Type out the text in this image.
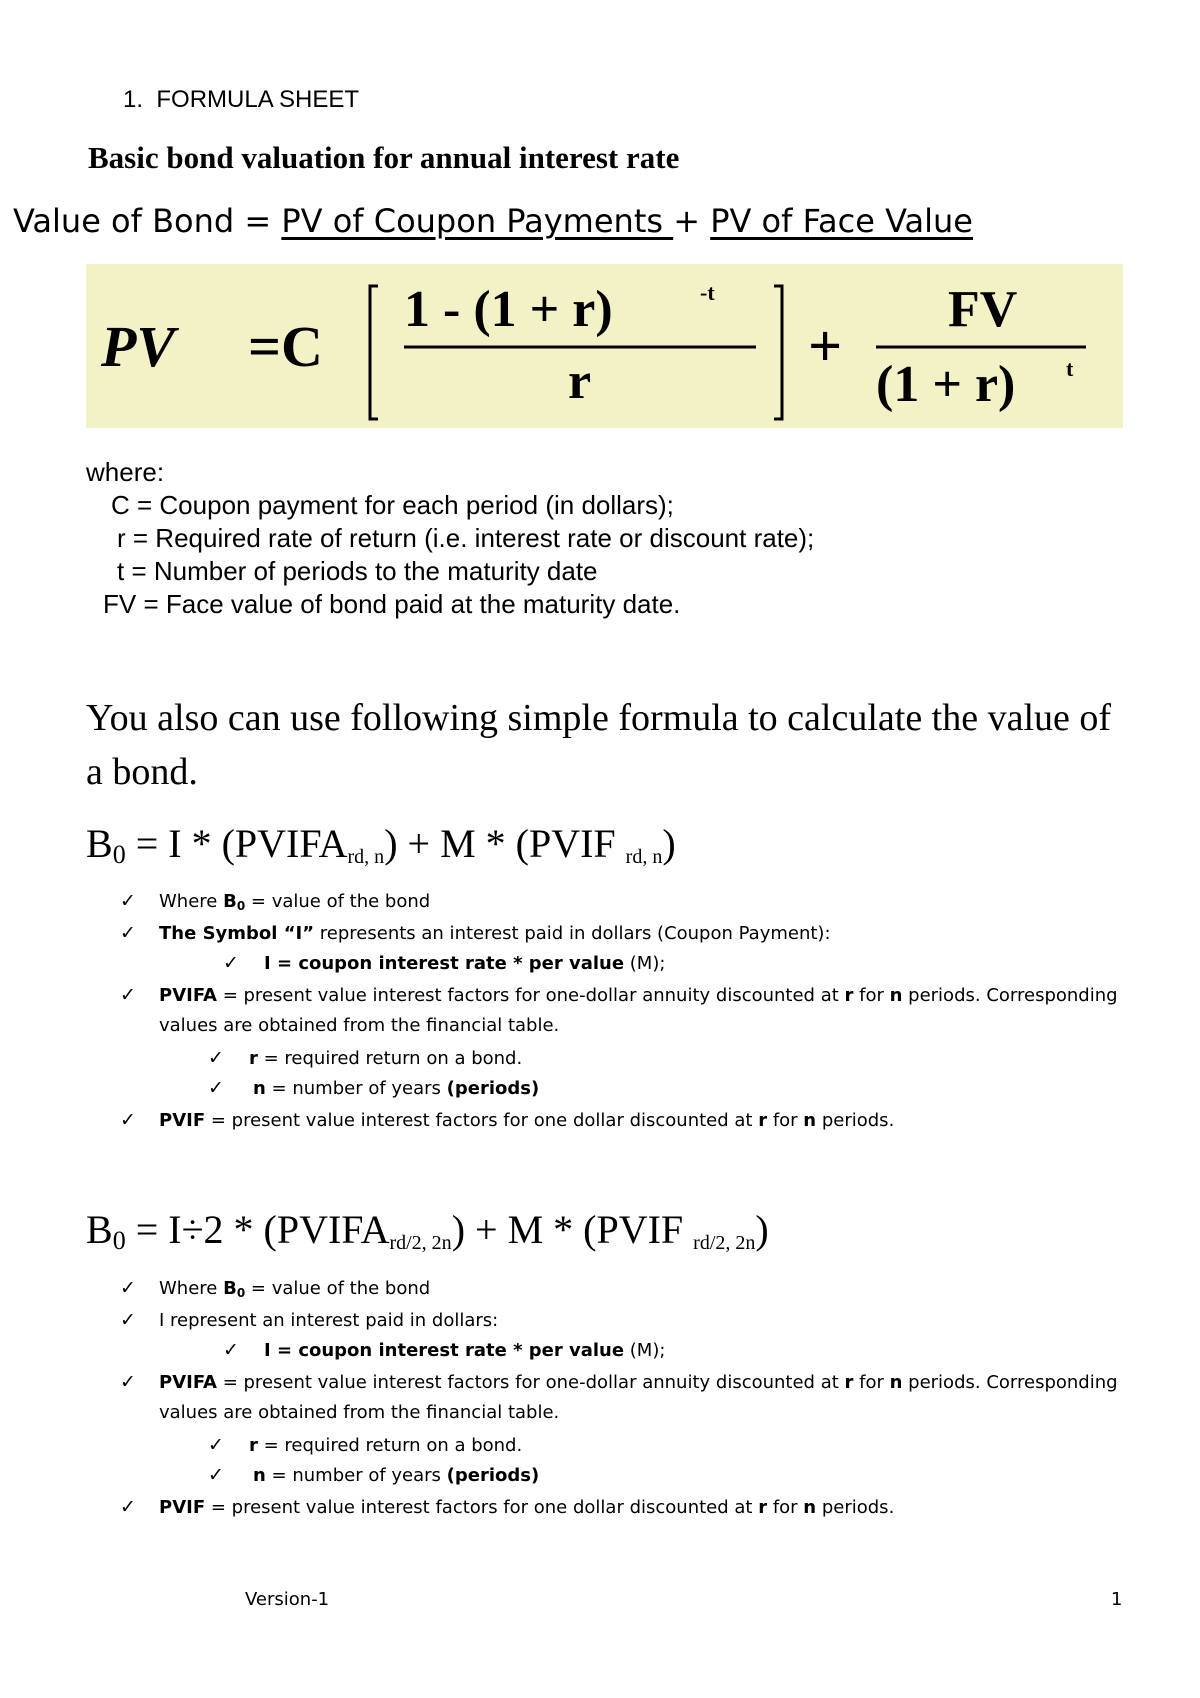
1. FORMULA SHEET
Basic bond valuation for annual interest rate
Value of Bond = PV of Coupon Payments + PV of Face Value
PV =C
1 - (1 + r)	-t
r
+
FV
(1 + r) t
where:
C = Coupon payment for each period (in dollars);
r = Required rate of return (i.e. interest rate or discount rate);
t = Number of periods to the maturity date
FV = Face value of bond paid at the maturity date.
You also can use following simple formula to calculate the value of a bond.
$B_0 = I$ * $(PVIFA_{rd, n}) + M$ * (PVIF $_{rd, n}$)
✓ Where B0 = value of the bond
✓ The Symbol “I” represents an interest paid in dollars (Coupon Payment):
✓ I = coupon interest rate * per value (M);
✓ PVIFA = present value interest factors for one-dollar annuity discounted at r for n periods. Corresponding
values are obtained from the financial table.
✓ r = required return on a bond.
✓ n = number of years (periods)
✓ PVIF = present value interest factors for one dollar discounted at r for n periods.
$B_0 = I\div 2$ * $(PVIFA_{rd/2, 2n}) + M$ * (PVIF $_{rd/2, 2n}$)
✓ Where B0 = value of the bond
✓ I represent an interest paid in dollars:
✓ I = coupon interest rate * per value (M);
✓ PVIFA = present value interest factors for one-dollar annuity discounted at r for n periods. Corresponding
values are obtained from the financial table.
✓ r = required return on a bond.
✓ n = number of years (periods)
✓ PVIF = present value interest factors for one dollar discounted at r for n periods.
Version-1	1
